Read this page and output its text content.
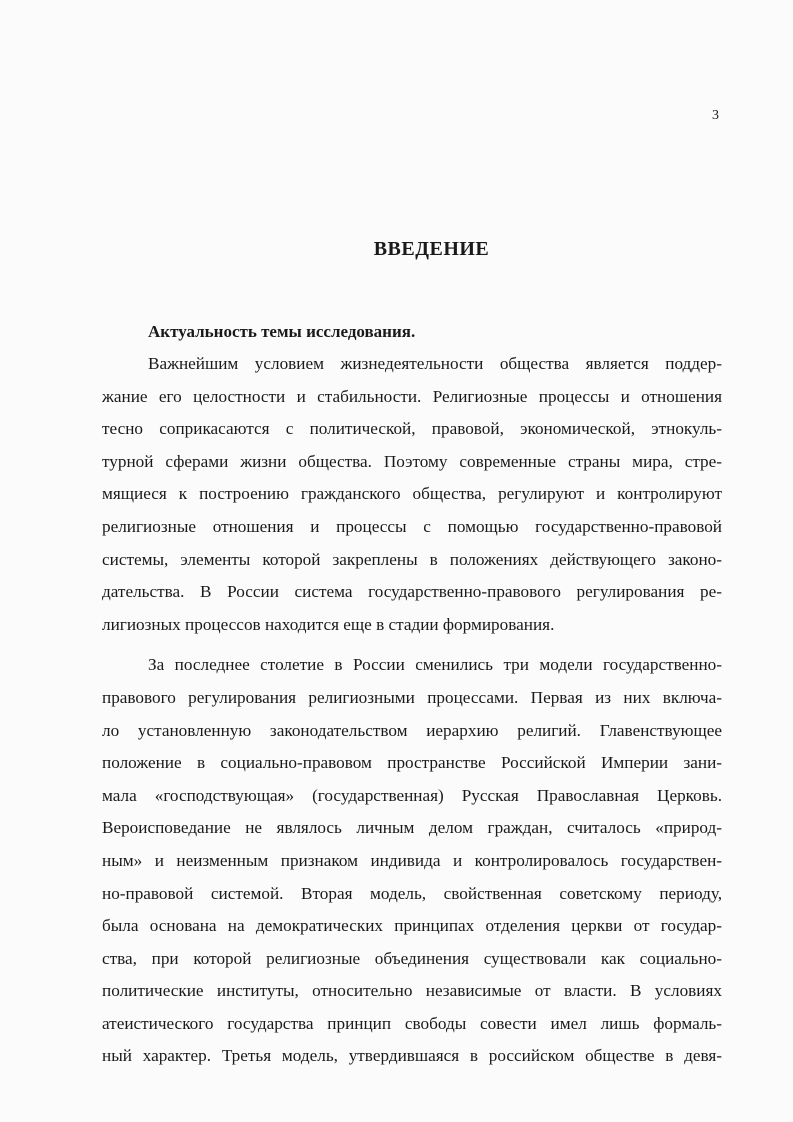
3
ВВЕДЕНИЕ
Актуальность темы исследования.
Важнейшим условием жизнедеятельности общества является поддер-
жание его целостности и стабильности. Религиозные процессы и отношения
тесно соприкасаются с политической, правовой, экономической, этнокуль-
турной сферами жизни общества. Поэтому современные страны мира, стре-
мящиеся к построению гражданского общества, регулируют и контролируют
религиозные отношения и процессы с помощью государственно-правовой
системы, элементы которой закреплены в положениях действующего законо-
дательства. В России система государственно-правового регулирования ре-
лигиозных процессов находится еще в стадии формирования.
За последнее столетие в России сменились три модели государственно-
правового регулирования религиозными процессами. Первая из них включа-
ло установленную законодательством иерархию религий. Главенствующее
положение в социально-правовом пространстве Российской Империи зани-
мала «господствующая» (государственная) Русская Православная Церковь.
Вероисповедание не являлось личным делом граждан, считалось «природ-
ным» и неизменным признаком индивида и контролировалось государствен-
но-правовой системой. Вторая модель, свойственная советскому периоду,
была основана на демократических принципах отделения церкви от государ-
ства, при которой религиозные объединения существовали как социально-
политические институты, относительно независимые от власти. В условиях
атеистического государства принцип свободы совести имел лишь формаль-
ный характер. Третья модель, утвердившаяся в российском обществе в девя-
